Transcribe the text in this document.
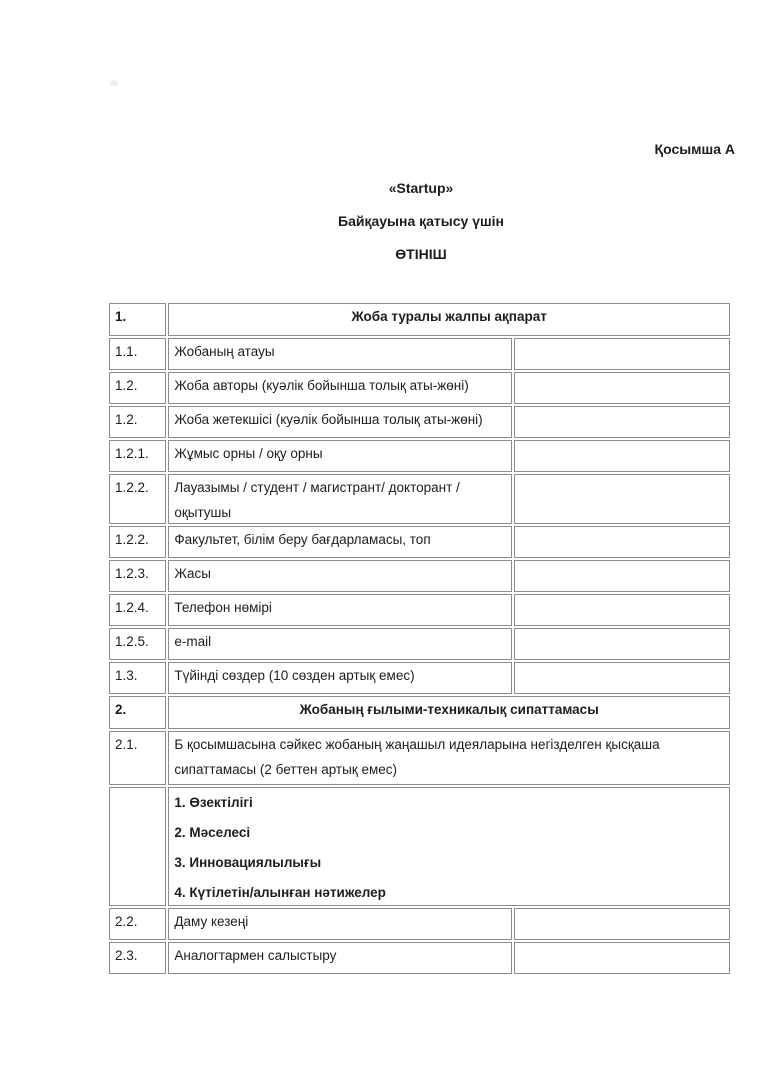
Қосымша А
«Startup»
Байқауына қатысу үшін
ӨТІНІШ
1.	Жоба туралы жалпы ақпарат	
1.1.	Жобаның атауы	
1.2.	Жоба авторы (куәлік бойынша толық аты-жөні)	
1.2.	Жоба жетекшісі (куәлік бойынша толық аты-жөні)	
1.2.1.	Жұмыс орны / оқу орны	
1.2.2.	Лауазымы / студент / магистрант/ докторант /
оқытушы	

1.2.2.	Факультет, білім беру бағдарламасы, топ	
1.2.3.	Жасы	
1.2.4.	Телефон нөмірі	
1.2.5.	e-mail	
1.3.	Түйінді сөздер (10 сөзден артық емес)	
2.	Жобаның ғылыми-техникалық сипаттамасы	
2.1.	Б қосымшасына сәйкес жобаның жаңашыл идеяларына негізделген қысқаша
сипаттамасы (2 беттен артық емес)	

	1. Өзектілігі

2. Мәселесі

3. Инновациялылығы

4. Күтілетін/алынған нәтижелер	

2.2.	Даму кезеңі	
2.3.	Аналогтармен салыстыру	
